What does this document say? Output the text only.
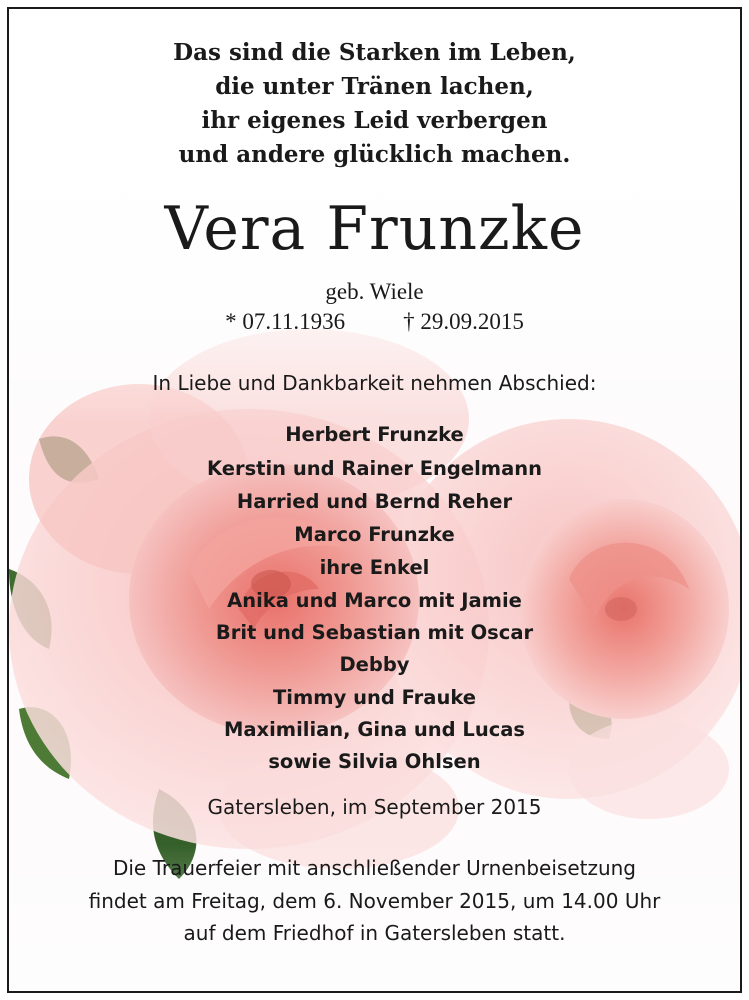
Das sind die Starken im Leben,
die unter Tränen lachen,
ihr eigenes Leid verbergen
und andere glücklich machen.
Vera Frunzke
geb. Wiele
* 07.11.1936	† 29.09.2015
In Liebe und Dankbarkeit nehmen Abschied:
Herbert Frunzke
Kerstin und Rainer Engelmann
Harried und Bernd Reher
Marco Frunzke
ihre Enkel
Anika und Marco mit Jamie
Brit und Sebastian mit Oscar
Debby
Timmy und Frauke
Maximilian, Gina und Lucas
sowie Silvia Ohlsen
Gatersleben, im September 2015
Die Trauerfeier mit anschließender Urnenbeisetzung
findet am Freitag, dem 6. November 2015, um 14.00 Uhr
auf dem Friedhof in Gatersleben statt.
